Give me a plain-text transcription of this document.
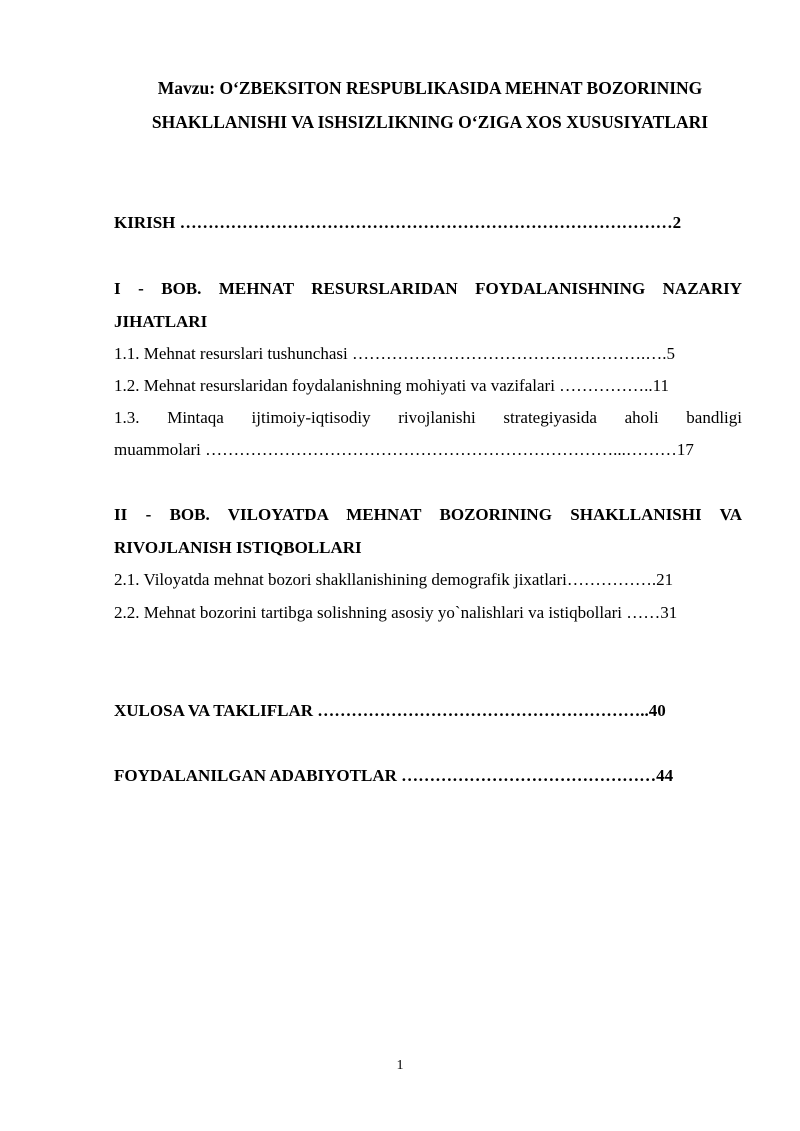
Mavzu: O‘ZBEKSITON RESPUBLIKASIDA MEHNAT BOZORINING
SHAKLLANISHI VA ISHSIZLIKNING O‘ZIGA XOS XUSUSIYATLARI
KIRISH ……………………………………………………………………………2
I - BOB. MEHNAT RESURSLARIDAN FOYDALANISHNING NAZARIY
JIHATLARI
1.1. Mehnat resurslari tushunchasi …………………………………………….….5
1.2. Mehnat resurslaridan foydalanishning mohiyati va vazifalari ……………..11
1.3. Mintaqa ijtimoiy-iqtisodiy rivojlanishi strategiyasida aholi bandligi
muammolari ………………………………………………………………...………17
II - BOB. VILOYATDA MEHNAT BOZORINING SHAKLLANISHI VA
RIVOJLANISH ISTIQBOLLARI
2.1. Viloyatda mehnat bozori shakllanishining demografik jixatlari…………….21
2.2. Mehnat bozorini tartibga solishning asosiy yo`nalishlari va istiqbollari ……31
XULOSA VA TAKLIFLAR …………………………………………………..40
FOYDALANILGAN ADABIYOTLAR ………………………………………44
1
